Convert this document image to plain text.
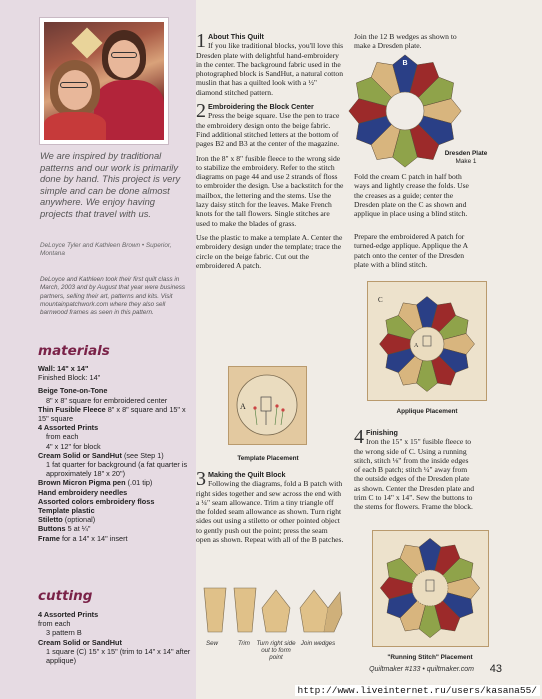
We are inspired by traditional patterns and our work is primarily done by hand. This project is very simple and can be done almost anywhere. We enjoy having projects that travel with us.
DeLoyce Tyler and Kathleen Brown • Superior, Montana
DeLoyce and Kathleen took their first quilt class in March, 2003 and by August that year were business partners, selling their art, patterns and kits. Visit mountainpatchwork.com where they also sell barnwood frames as seen in this pattern.
materials
Wall: 14" x 14"
Finished Block: 14"
Beige Tone-on-Tone
8" x 8" square for embroidered center
Thin Fusible Fleece 8" x 8" square and 15" x 15" square
4 Assorted Prints
from each
4" x 12" for block
Cream Solid or SandHut (see Step 1)
1 fat quarter for background (a fat quarter is approximately 18" x 20")
Brown Micron Pigma pen (.01 tip)
Hand embroidery needles
Assorted colors embroidery floss
Template plastic
Stiletto (optional)
Buttons 5 at ¼"
Frame for a 14" x 14" insert
cutting
4 Assorted Prints
from each
3 pattern B
Cream Solid or SandHut
1 square (C) 15" x 15" (trim to 14" x 14" after applique)
1 About This Quilt
If you like traditional blocks, you'll love this Dresden plate with delightful hand-embroidery in the center. The background fabric used in the photographed block is SandHut, a natural cotton muslin that has a quilted look with a ½" diamond stitched pattern.
2 Embroidering the Block Center
Press the beige square. Use the pen to trace the embroidery design onto the beige fabric. Find additional stitched letters at the bottom of pages B2 and B3 at the center of the magazine.
Iron the 8" x 8" fusible fleece to the wrong side to stabilize the embroidery. Refer to the stitch diagrams on page 44 and use 2 strands of floss to embroider the design. Use a backstitch for the mailbox, the lettering and the stems. Use the lazy daisy stitch for the leaves. Make French knots for the tall flowers. Single stitches are used to make the blades of grass.
Use the plastic to make a template A. Center the embroidery design under the template; trace the circle on the beige fabric. Cut out the embroidered A patch.
A
Template Placement
3 Making the Quilt Block
Following the diagrams, fold a B patch with right sides together and sew across the end with a ¼" seam allowance. Trim a tiny triangle off the folded seam allowance as shown. Turn right sides out using a stiletto or other pointed object to gently push out the point; press the seam open as shown. Repeat with all of the B patches.
Sew	Trim	Turn right side out to form point
Join wedges
Join the 12 B wedges as shown to make a Dresden plate.
B
Dresden Plate
Make 1
Fold the cream C patch in half both ways and lightly crease the folds. Use the creases as a guide; center the Dresden plate on the C as shown and applique in place using a blind stitch.
Prepare the embroidered A patch for turned-edge applique. Applique the A patch onto the center of the Dresden plate with a blind stitch.
A
C
Applique Placement
4 Finishing
Iron the 15" x 15" fusible fleece to the wrong side of C. Using a running stitch, stitch ⅛" from the inside edges of each B patch; stitch ¼" away from the outside edges of the Dresden plate as shown. Center the Dresden plate and trim C to 14" x 14". Sew the buttons to the stems for flowers. Frame the block.
"Running Stitch" Placement
Quiltmaker #133 • quiltmaker.com 43
http://www.liveinternet.ru/users/kasana55/
